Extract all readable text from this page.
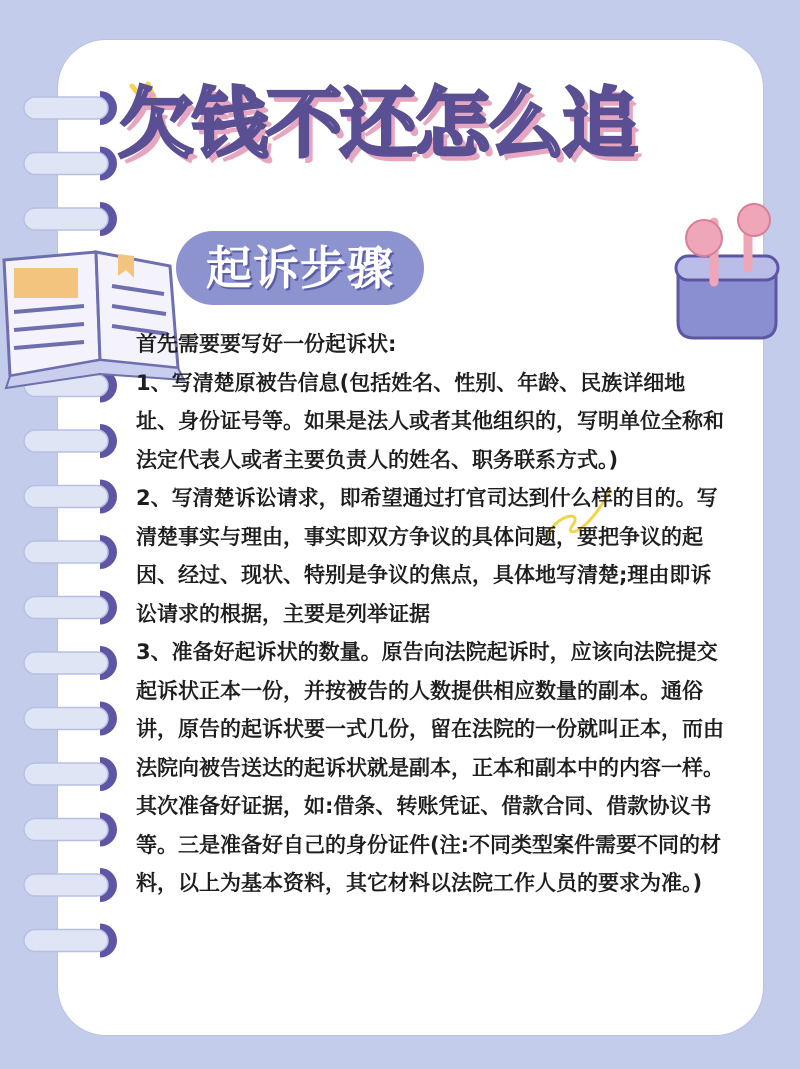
欠钱不还怎么追
起诉步骤

首先需要要写好一份起诉状:

1、写清楚原被告信息(包括姓名、性别、年龄、民族详细地址、身份证号等。如果是法人或者其他组织的，写明单位全称和法定代表人或者主要负责人的姓名、职务联系方式。)

2、写清楚诉讼请求，即希望通过打官司达到什么样的目的。写清楚事实与理由，事实即双方争议的具体问题，要把争议的起因、经过、现状、特别是争议的焦点，具体地写清楚;理由即诉讼请求的根据，主要是列举证据

3、准备好起诉状的数量。原告向法院起诉时，应该向法院提交起诉状正本一份，并按被告的人数提供相应数量的副本。通俗讲，原告的起诉状要一式几份，留在法院的一份就叫正本，而由法院向被告送达的起诉状就是副本，正本和副本中的内容一样。其次准备好证据，如:借条、转账凭证、借款合同、借款协议书等。三是准备好自己的身份证件(注:不同类型案件需要不同的材料，以上为基本资料，其它材料以法院工作人员的要求为准。)
